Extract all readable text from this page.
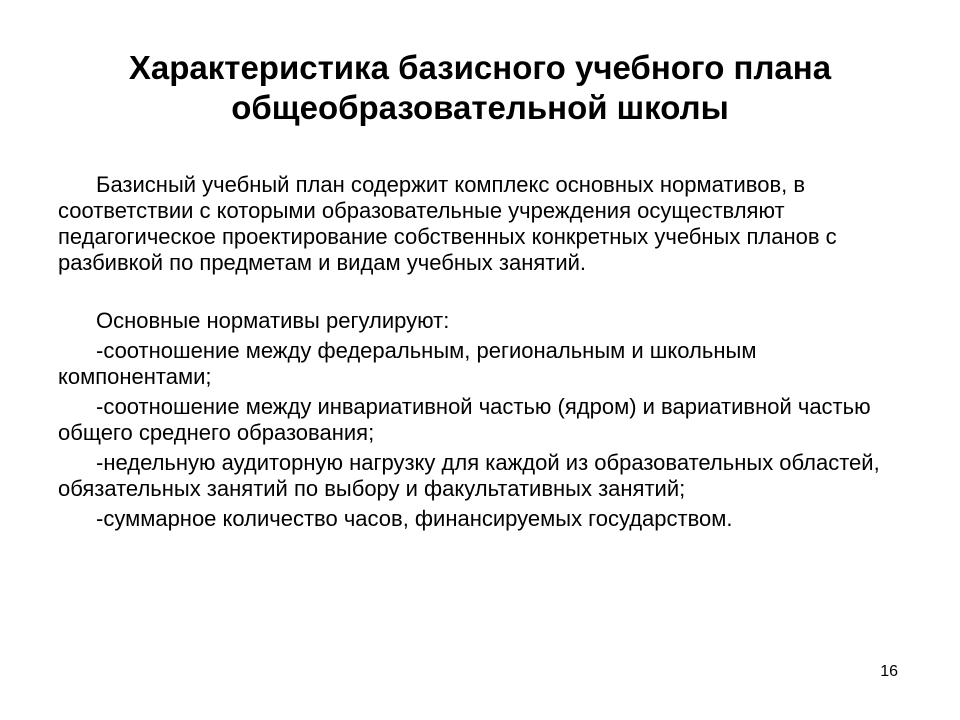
Характеристика базисного учебного плана
общеобразовательной школы

Базисный учебный план содержит комплекс основных нормативов, в соответствии с которыми образовательные учреждения осуществляют педагогическое проектирование собственных конкретных учебных планов с разбивкой по предметам и видам учебных занятий.

Основные нормативы регулируют:

-соотношение между федеральным, региональным и школьным компонентами;

-соотношение между инвариативной частью (ядром) и вариативной частью общего среднего образования;

-недельную аудиторную нагрузку для каждой из образовательных областей, обязательных занятий по выбору и факультативных занятий;

-суммарное количество часов, финансируемых государством.

16
